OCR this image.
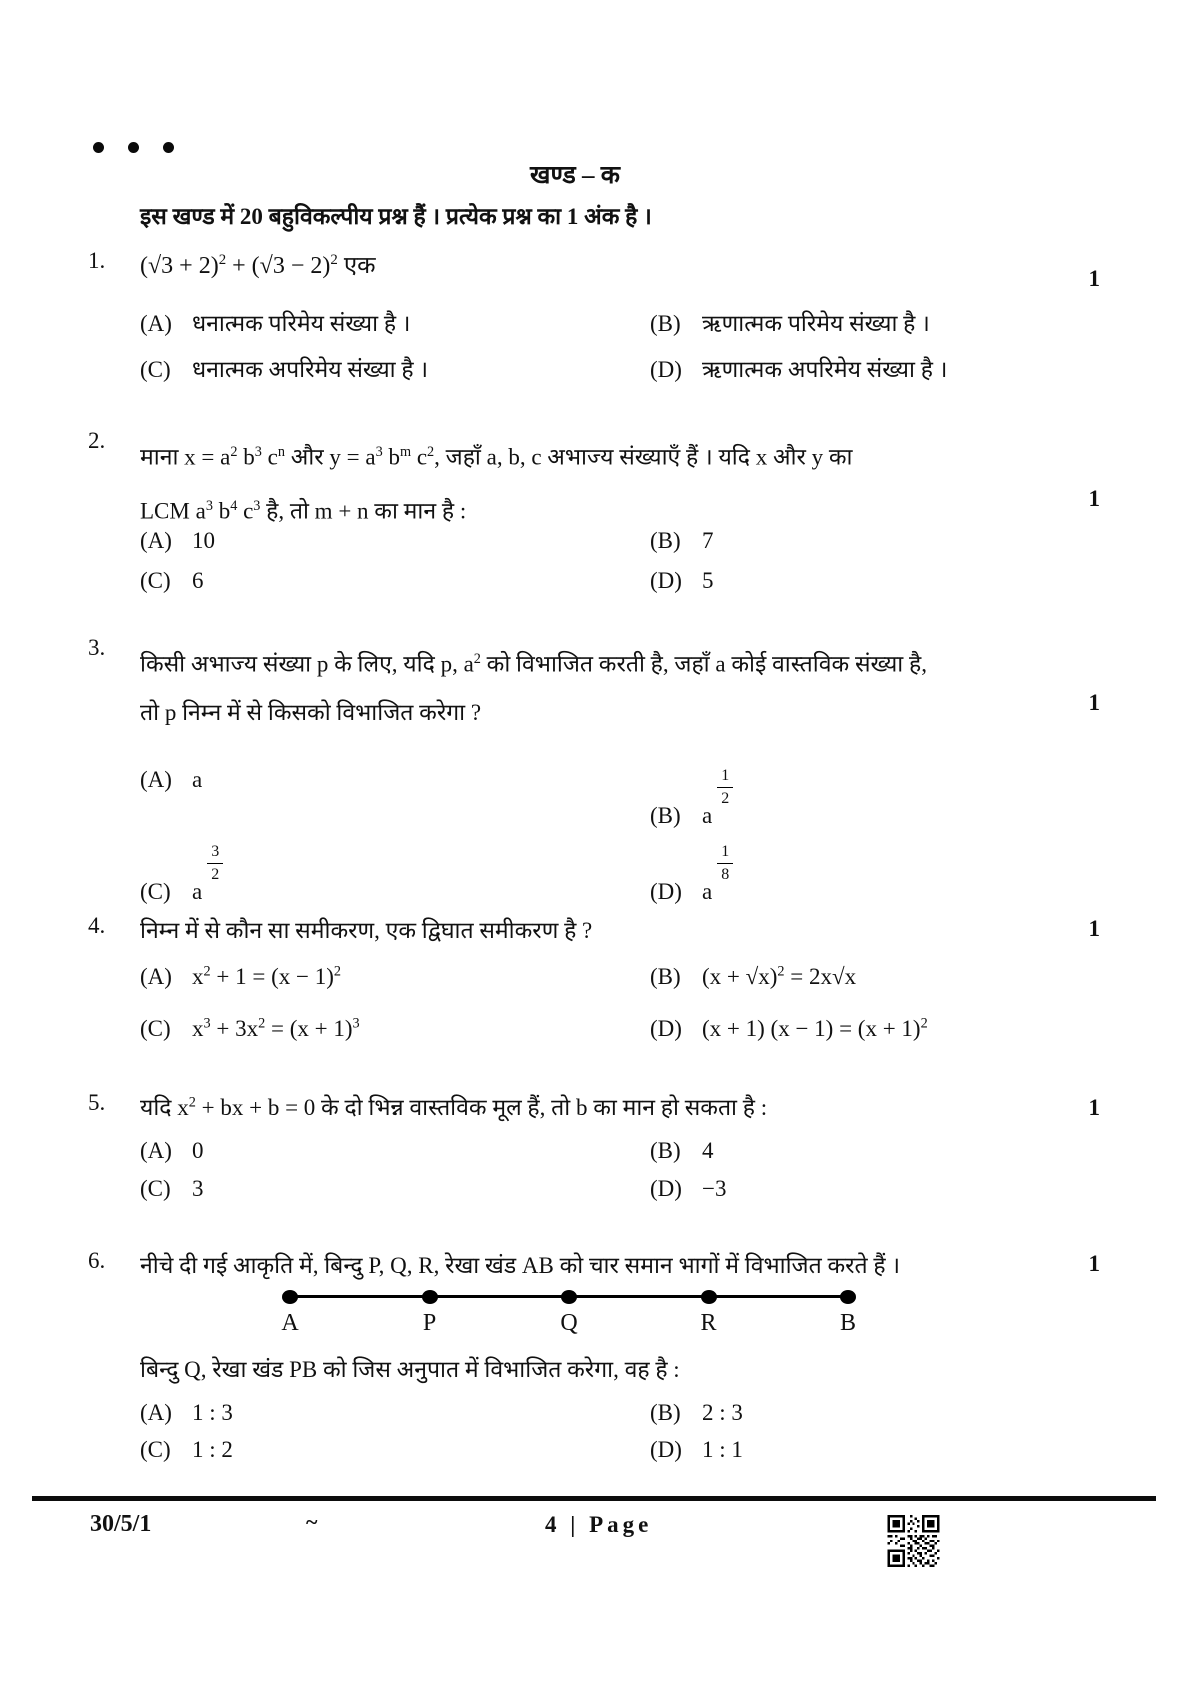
खण्ड – क
इस खण्ड में 20 बहुविकल्पीय प्रश्न हैं । प्रत्येक प्रश्न का 1 अंक है ।
1. $(√3 + 2)^2 + (√3 - 2)^2$ एक	1
(A) धनात्मक परिमेय संख्या है ।	(B) ऋणात्मक परिमेय संख्या है ।
(C) धनात्मक अपरिमेय संख्या है ।	(D) ऋणात्मक अपरिमेय संख्या है ।
2.
माना $x = a^2$ $b^3$ $c^n$ और $y = a^3$ $b^m$ $c^2$, जहाँ a, b, c अभाज्य संख्याएँ हैं । यदि x और y का
LCM $a^3$ $b^4$ $c^3$ है, तो m + n का मान है :	1
(A) 10	(B) 7
(C) 6	(D) 5
3.
किसी अभाज्य संख्या p के लिए, यदि p, $a^2$ को विभाजित करती है, जहाँ a कोई वास्तविक संख्या है,
तो p निम्न में से किसको विभाजित करेगा ?	1
(A) a
(B) a
$\frac{1}{2}$
(C) a
$\frac{3}{2}$
(D) a
$\frac{1}{8}$
4. निम्न में से कौन सा समीकरण, एक द्विघात समीकरण है ?	1
(A) $x^2 + 1 = (x - 1)^2$	(B) $(x + √x)^2 = 2x√x$
(C) $x^3 + 3x^2 = (x + 1)^3$	(D) (x + 1) $(x - 1) = (x + 1)^2$
5. यदि $x^2$ + bx + b = 0 के दो भिन्न वास्तविक मूल हैं, तो b का मान हो सकता है :	1
(A) 0	(B) 4
(C) 3	(D) −3
6. नीचे दी गई आकृति में, बिन्दु P, Q, R, रेखा खंड AB को चार समान भागों में विभाजित करते हैं ।	1
A	P	Q	R	B
बिन्दु Q, रेखा खंड PB को जिस अनुपात में विभाजित करेगा, वह है :
(A) 1 : 3	(B) 2 : 3
(C) 1 : 2	(D) 1 : 1
30/5/1	~	4 | Page
